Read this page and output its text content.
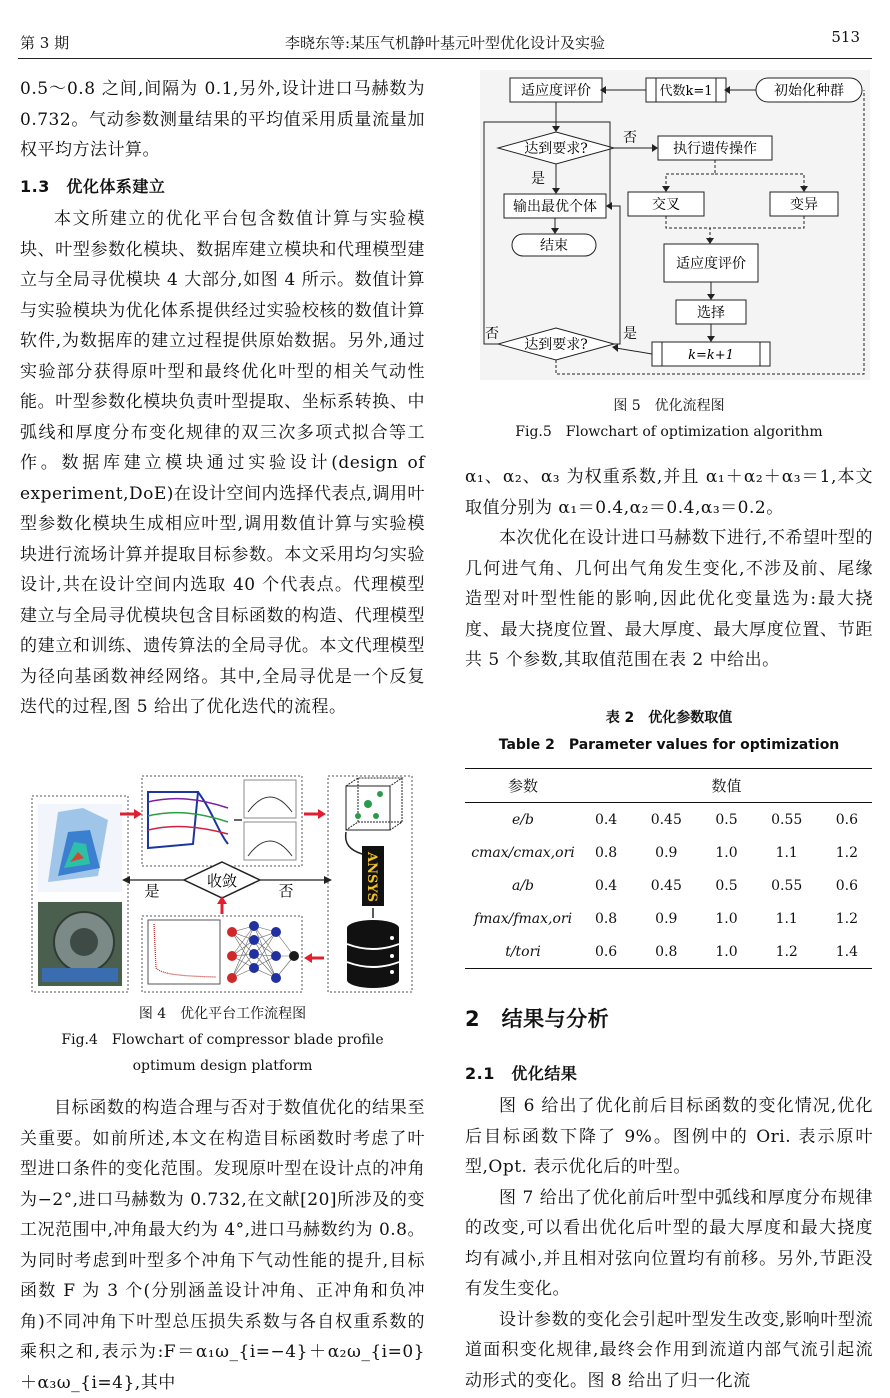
第 3 期	李晓东等:某压气机静叶基元叶型优化设计及实验	513

0.5～0.8 之间,间隔为 0.1,另外,设计进口马赫数为 0.732。气动参数测量结果的平均值采用质量流量加权平均方法计算。

1.3　优化体系建立

本文所建立的优化平台包含数值计算与实验模块、叶型参数化模块、数据库建立模块和代理模型建立与全局寻优模块 4 大部分,如图 4 所示。数值计算与实验模块为优化体系提供经过实验校核的数值计算软件,为数据库的建立过程提供原始数据。另外,通过实验部分获得原叶型和最终优化叶型的相关气动性能。叶型参数化模块负责叶型提取、坐标系转换、中弧线和厚度分布变化规律的双三次多项式拟合等工作。数据库建立模块通过实验设计(design of experiment,DoE)在设计空间内选择代表点,调用叶型参数化模块生成相应叶型,调用数值计算与实验模块进行流场计算并提取目标参数。本文采用均匀实验设计,共在设计空间内选取 40 个代表点。代理模型建立与全局寻优模块包含目标函数的构造、代理模型的建立和训练、遗传算法的全局寻优。本文代理模型为径向基函数神经网络。其中,全局寻优是一个反复迭代的过程,图 5 给出了优化迭代的流程。

ANSYS
收敛
是	否
图 4　优化平台工作流程图
Fig.4　Flowchart of compressor blade profile
optimum design platform

目标函数的构造合理与否对于数值优化的结果至关重要。如前所述,本文在构造目标函数时考虑了叶型进口条件的变化范围。发现原叶型在设计点的冲角为−2°,进口马赫数为 0.732,在文献[20]所涉及的变工况范围中,冲角最大约为 4°,进口马赫数约为 0.8。为同时考虑到叶型多个冲角下气动性能的提升,目标函数 F 为 3 个(分别涵盖设计冲角、正冲角和负冲角)不同冲角下叶型总压损失系数与各自权重系数的乘积之和,表示为:F＝α₁ω_{i=−4}＋α₂ω_{i=0}＋α₃ω_{i=4},其中

适应度评价	代数k=1	初始化种群
达到要求?
否
执行遗传操作
是
输出最优个体
结束
交叉	变异
适应度评价
选择
k=k+1
达到要求?
是
否
图 5　优化流程图
Fig.5　Flowchart of optimization algorithm

α₁、α₂、α₃ 为权重系数,并且 α₁＋α₂＋α₃＝1,本文取值分别为 α₁＝0.4,α₂＝0.4,α₃＝0.2。

本次优化在设计进口马赫数下进行,不希望叶型的几何进气角、几何出气角发生变化,不涉及前、尾缘造型对叶型性能的影响,因此优化变量选为:最大挠度、最大挠度位置、最大厚度、最大厚度位置、节距共 5 个参数,其取值范围在表 2 中给出。

表 2　优化参数取值
Table 2　Parameter values for optimization
参数	数值				
e/b	0.4	0.45	0.5	0.55	0.6
cmax/cmax,ori	0.8	0.9	1.0	1.1	1.2
a/b	0.4	0.45	0.5	0.55	0.6
fmax/fmax,ori	0.8	0.9	1.0	1.1	1.2
t/tori	0.6	0.8	1.0	1.2	1.4

2　结果与分析

2.1　优化结果

图 6 给出了优化前后目标函数的变化情况,优化后目标函数下降了 9%。图例中的 Ori. 表示原叶型,Opt. 表示优化后的叶型。

图 7 给出了优化前后叶型中弧线和厚度分布规律的改变,可以看出优化后叶型的最大厚度和最大挠度均有减小,并且相对弦向位置均有前移。另外,节距没有发生变化。

设计参数的变化会引起叶型发生改变,影响叶型流道面积变化规律,最终会作用到流道内部气流引起流动形式的变化。图 8 给出了归一化流
